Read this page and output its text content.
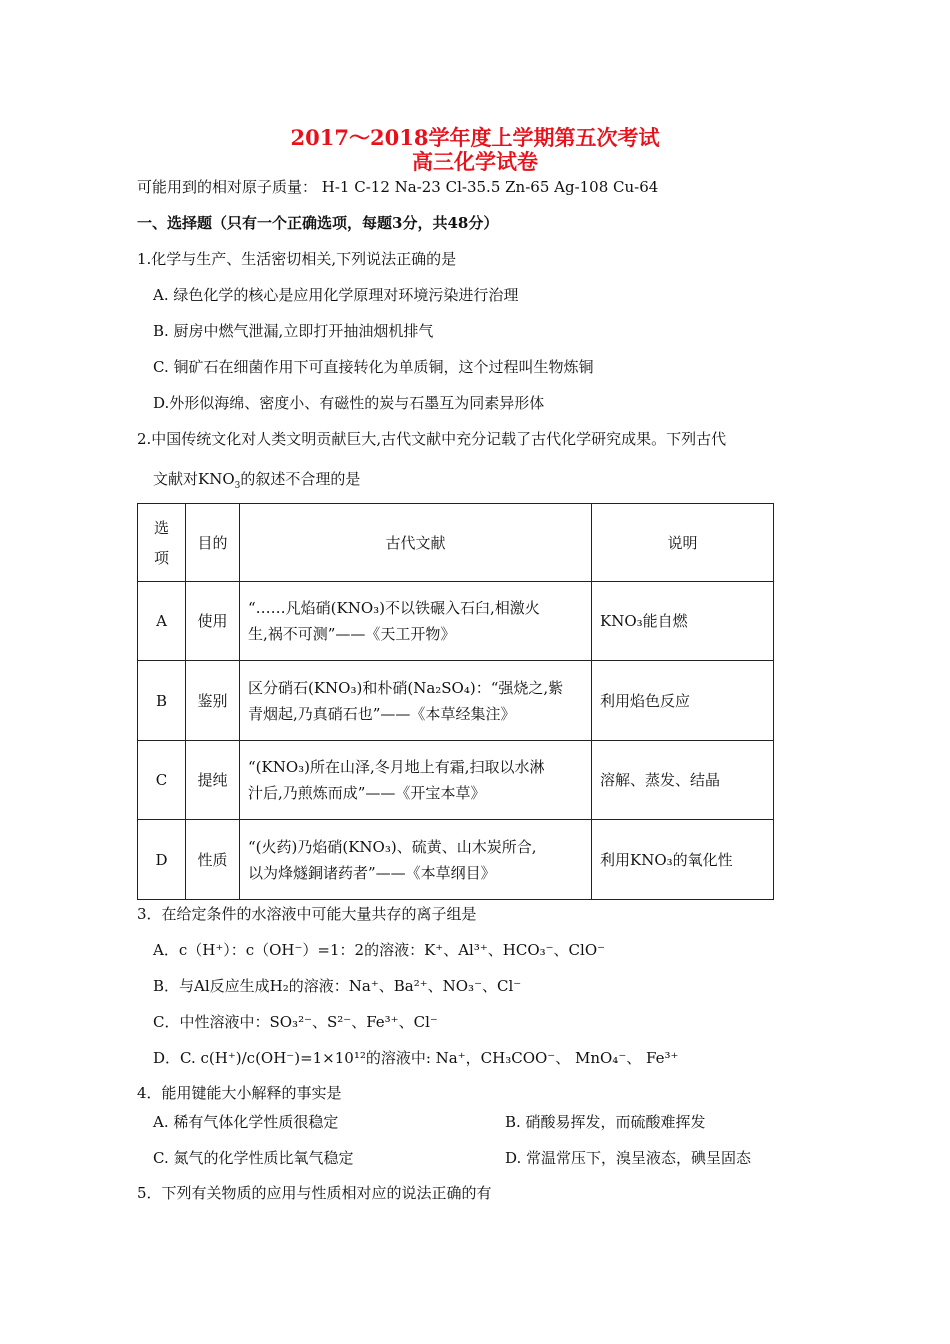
2017～2018学年度上学期第五次考试
高三化学试卷
可能用到的相对原子质量： H-1 C-12 Na-23 Cl-35.5 Zn-65 Ag-108 Cu-64
一、选择题（只有一个正确选项，每题3分，共48分）
1.化学与生产、生活密切相关,下列说法正确的是
A. 绿色化学的核心是应用化学原理对环境污染进行治理
B. 厨房中燃气泄漏,立即打开抽油烟机排气
C. 铜矿石在细菌作用下可直接转化为单质铜，这个过程叫生物炼铜
D.外形似海绵、密度小、有磁性的炭与石墨互为同素异形体
2.中国传统文化对人类文明贡献巨大,古代文献中充分记载了古代化学研究成果。下列古代
文献对$KNO_3$的叙述不合理的是
选项	目的	古代文献	说明
A	使用	“……凡焰硝(KNO₃)不以铁碾入石臼,相激火
生,祸不可测”——《天工开物》	KNO₃能自燃
B	鉴别	区分硝石(KNO₃)和朴硝(Na₂SO₄)：“强烧之,紫
青烟起,乃真硝石也”——《本草经集注》	利用焰色反应
C	提纯	“(KNO₃)所在山泽,冬月地上有霜,扫取以水淋
汁后,乃煎炼而成”——《开宝本草》	溶解、蒸发、结晶
D	性质	“(火药)乃焰硝(KNO₃)、硫黄、山木炭所合,
以为烽燧銅诸药者”——《本草纲目》	利用KNO₃的氧化性
3．在给定条件的水溶液中可能大量共存的离子组是
A．c（H⁺）：c（OH⁻）=1：2的溶液：K⁺、Al³⁺、HCO₃⁻、ClO⁻
B．与Al反应生成H₂的溶液：Na⁺、Ba²⁺、NO₃⁻、Cl⁻
C．中性溶液中：SO₃²⁻、S²⁻、Fe³⁺、Cl⁻
D．C. c(H⁺)/c(OH⁻)=1×10¹²的溶液中: Na⁺，CH₃COO⁻、 MnO₄⁻、 Fe³⁺
4．能用键能大小解释的事实是
A. 稀有气体化学性质很稳定	B. 硝酸易挥发，而硫酸难挥发
C. 氮气的化学性质比氧气稳定	D. 常温常压下，溴呈液态，碘呈固态
5．下列有关物质的应用与性质相对应的说法正确的有
